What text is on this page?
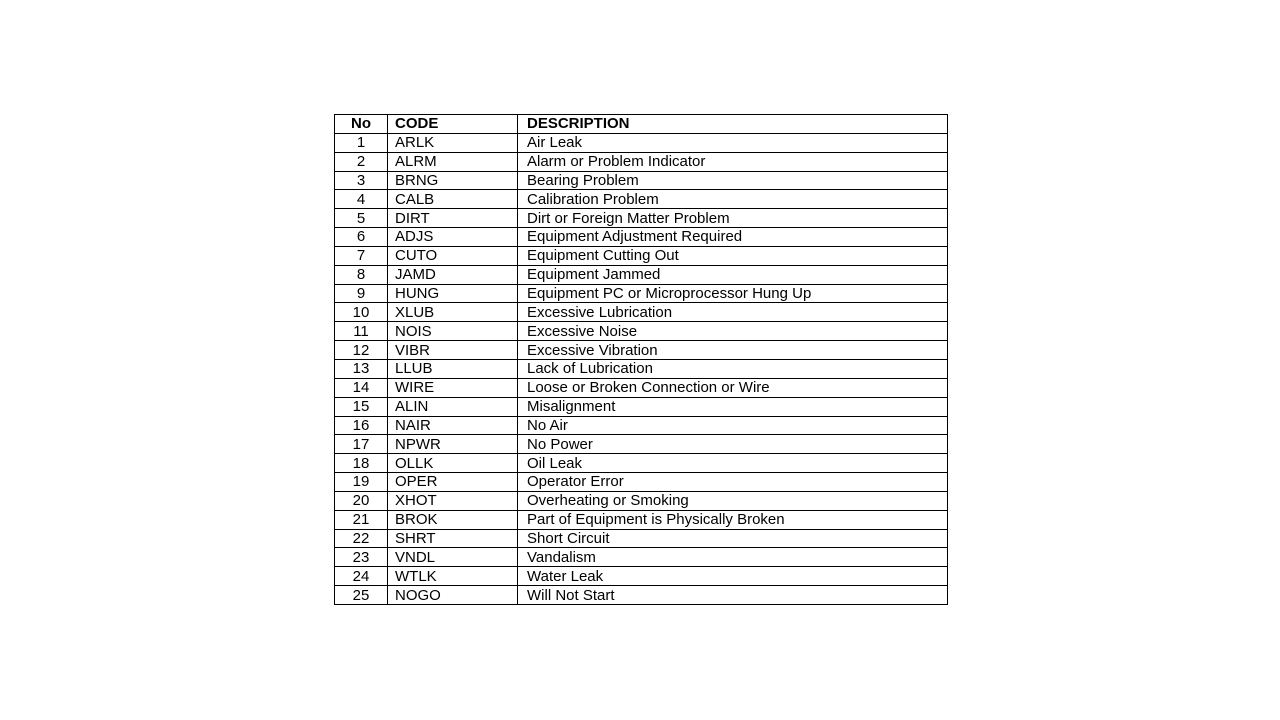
No	CODE	DESCRIPTION
1	ARLK	Air Leak
2	ALRM	Alarm or Problem Indicator
3	BRNG	Bearing Problem
4	CALB	Calibration Problem
5	DIRT	Dirt or Foreign Matter Problem
6	ADJS	Equipment Adjustment Required
7	CUTO	Equipment Cutting Out
8	JAMD	Equipment Jammed
9	HUNG	Equipment PC or Microprocessor Hung Up
10	XLUB	Excessive Lubrication
11	NOIS	Excessive Noise
12	VIBR	Excessive Vibration
13	LLUB	Lack of Lubrication
14	WIRE	Loose or Broken Connection or Wire
15	ALIN	Misalignment
16	NAIR	No Air
17	NPWR	No Power
18	OLLK	Oil Leak
19	OPER	Operator Error
20	XHOT	Overheating or Smoking
21	BROK	Part of Equipment is Physically Broken
22	SHRT	Short Circuit
23	VNDL	Vandalism
24	WTLK	Water Leak
25	NOGO	Will Not Start
